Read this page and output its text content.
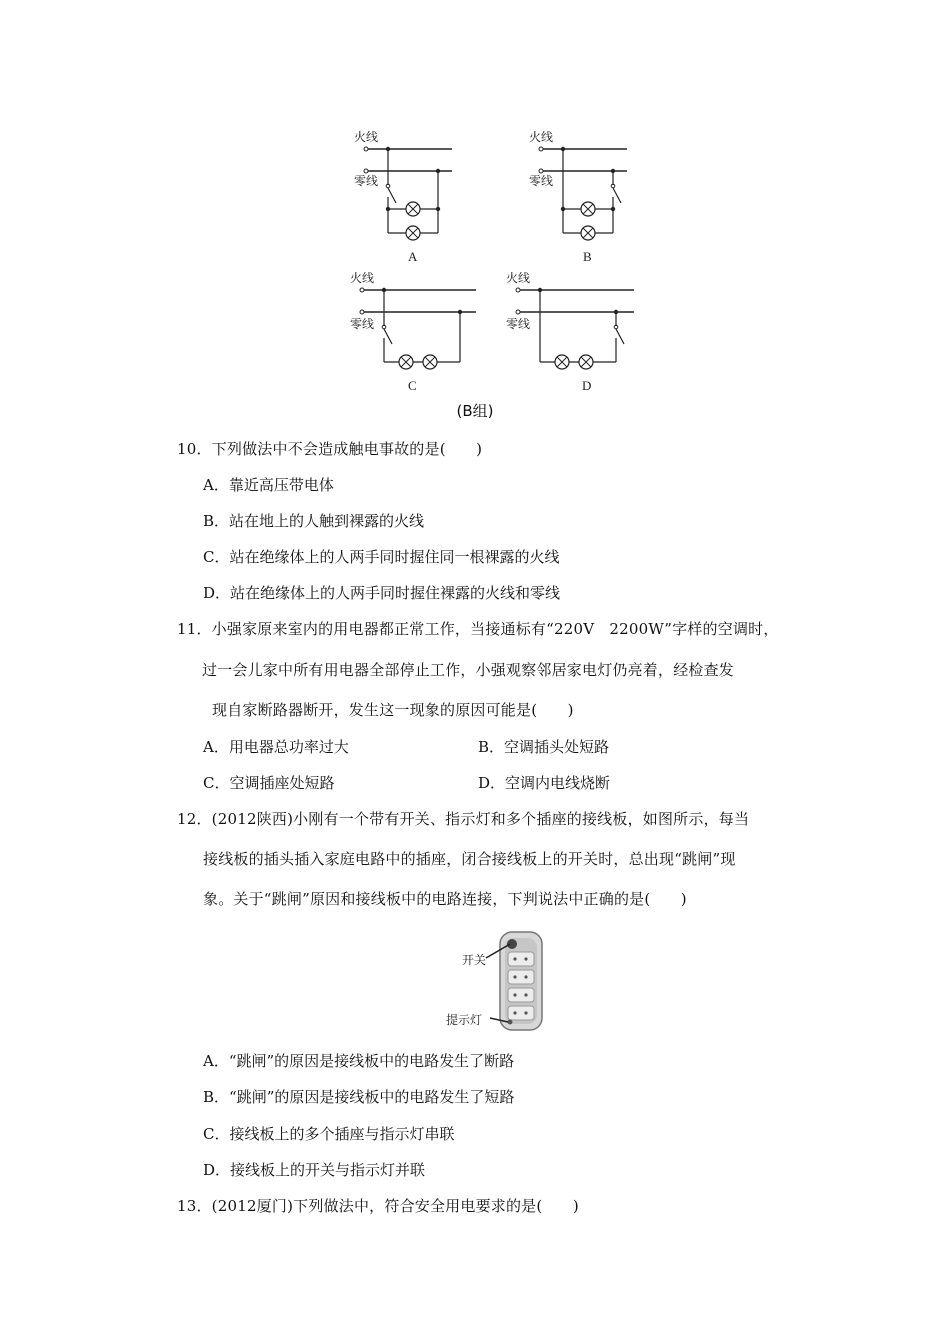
火线
零线
A
火线
零线
B
火线
零线
C
火线
零线
D
(B组)
10．下列做法中不会造成触电事故的是(　　)
A．靠近高压带电体
B．站在地上的人触到裸露的火线
C．站在绝缘体上的人两手同时握住同一根裸露的火线
D．站在绝缘体上的人两手同时握住裸露的火线和零线
11．小强家原来室内的用电器都正常工作，当接通标有“220V　2200W”字样的空调时，
过一会儿家中所有用电器全部停止工作，小强观察邻居家电灯仍亮着，经检查发
现自家断路器断开，发生这一现象的原因可能是(　　)
A．用电器总功率过大	B．空调插头处短路
C．空调插座处短路	D．空调内电线烧断
12．(2012陕西)小刚有一个带有开关、指示灯和多个插座的接线板，如图所示，每当
接线板的插头插入家庭电路中的插座，闭合接线板上的开关时，总出现“跳闸”现
象。关于“跳闸”原因和接线板中的电路连接，下判说法中正确的是(　　)
开关
提示灯
A．“跳闸”的原因是接线板中的电路发生了断路
B．“跳闸”的原因是接线板中的电路发生了短路
C．接线板上的多个插座与指示灯串联
D．接线板上的开关与指示灯并联
13．(2012厦门)下列做法中，符合安全用电要求的是(　　)
